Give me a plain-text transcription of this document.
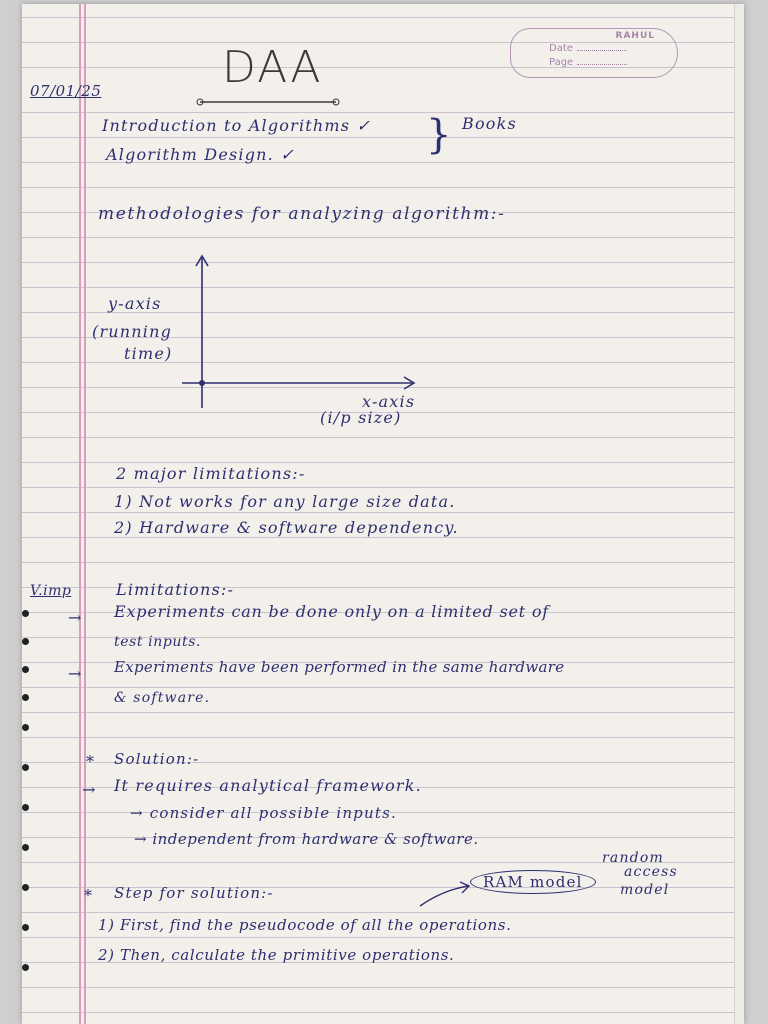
RAHUL
Date
Page
07/01/25	DAA
Introduction to Algorithms ✓
Algorithm Design. ✓	} Books
methodologies for analyzing algorithm:-
y-axis
(running
time)
x-axis
(i/p size)
2 major limitations:-
1) Not works for any large size data.
2) Hardware & software dependency.
V.imp	Limitations:-
→ Experiments can be done only on a limited set of
test inputs.
→ Experiments have been performed in the same hardware
& software.
* Solution:-
→ It requires analytical framework.
→ consider all possible inputs.
→ independent from hardware & software.
* Step for solution:-
RAM model
random
access
model
1) First, find the pseudocode of all the operations.
2) Then, calculate the primitive operations.
